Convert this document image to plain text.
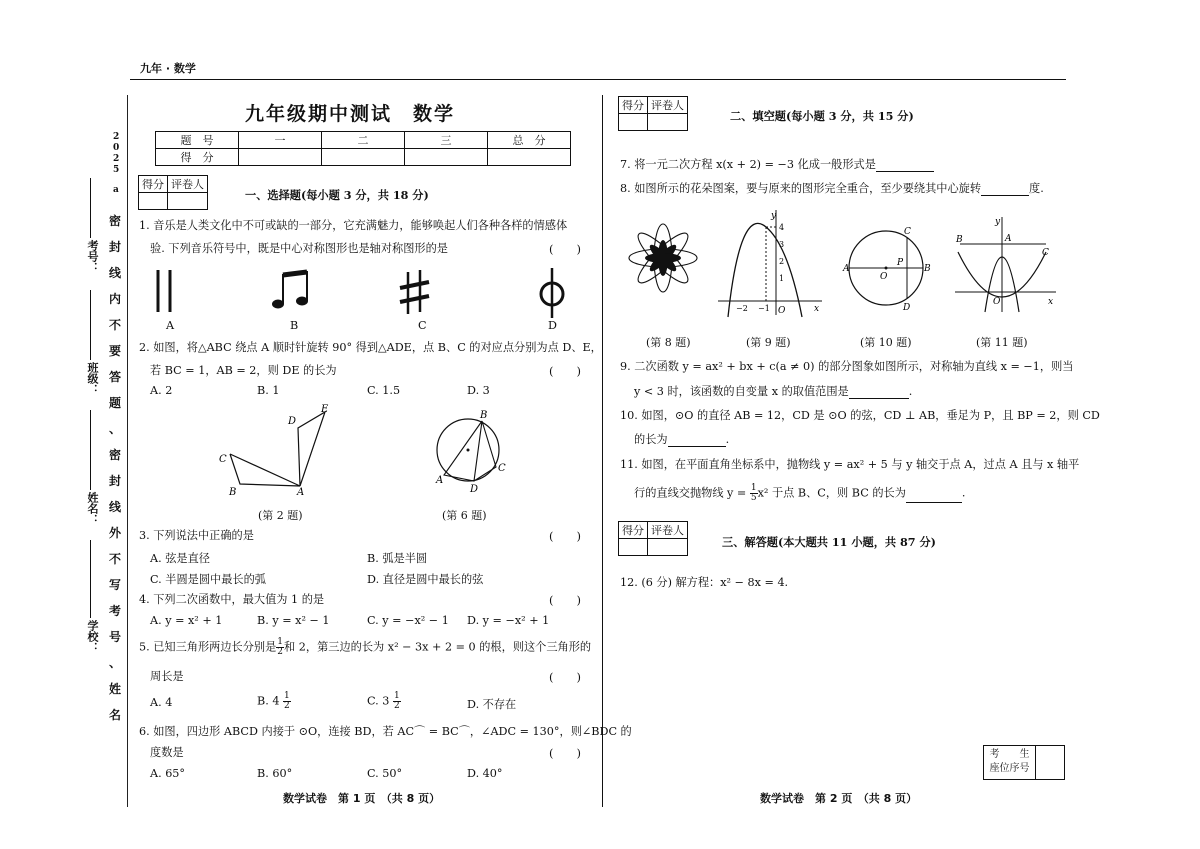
九年 · 数学
2
0
2
5
a
密
封
线
内
不
要
答
题
、
密
封
线
外
不
写
考
号
、
姓
名
考号：
班级：
姓名：
学校：
九年级期中测试　数学
题　号	一	二	三	总　分
得　分				
得分	评卷人

一、选择题(每小题 3 分，共 18 分)
1. 音乐是人类文化中不可或缺的一部分，它充满魅力，能够唤起人们各种各样的情感体
验. 下列音乐符号中，既是中心对称图形也是轴对称图形的是	(　　)
A	B	C	D
2. 如图，将△ABC 绕点 A 顺时针旋转 90° 得到△ADE，点 B、C 的对应点分别为点 D、E，
若 BC = 1，AB = 2，则 DE 的长为	(　　)
A. 2	B. 1	C. 1.5	D. 3
E
D
C
B	A
(第 2 题)
B
A
C
D
(第 6 题)
3. 下列说法中正确的是	(　　)
A. 弦是直径	B. 弧是半圆
C. 半圆是圆中最长的弧	D. 直径是圆中最长的弦
4. 下列二次函数中，最大值为 1 的是	(　　)
A. y = x² + 1	B. y = x² − 1	C. y = −x² − 1 D. y = −x² + 1
5. 已知三角形两边长分别是 $\frac{1}{2}$ 和 2，第三边的长为 x² − 3x + 2 = 0 的根，则这个三角形的
周长是	(　　)
A. 4	B. $4 \frac{1}{2}$	C. $3 \frac{1}{2}$	D. 不存在
6. 如图，四边形 ABCD 内接于 ⊙O，连接 BD，若 AC⌒ = BC⌒，∠ADC = 130°，则∠BDC 的
度数是	(　　)
A. 65°	B. 60°	C. 50°	D. 40°
数学试卷　第 1 页　（共 8 页）
得分	评卷人

二、填空题(每小题 3 分，共 15 分)
7. 将一元二次方程 x(x + 2) = −3 化成一般形式是
8. 如图所示的花朵图案，要与原来的图形完全重合，至少要绕其中心旋转	度.
y
4
3
2
1
O
−2 −1	x
C
A
O
P
B
D
y
B	A
C
O	x
(第 8 题)	(第 9 题)	(第 10 题)	(第 11 题)
9. 二次函数 y = ax² + bx + c(a ≠ 0) 的部分图象如图所示，对称轴为直线 x = −1，则当
y < 3 时，该函数的自变量 x 的取值范围是	.
10. 如图，⊙O 的直径 AB = 12，CD 是 ⊙O 的弦，CD ⊥ AB，垂足为 P，且 BP = 2，则 CD
的长为	.
11. 如图，在平面直角坐标系中，抛物线 y = ax² + 5 与 y 轴交于点 A，过点 A 且与 x 轴平
行的直线交抛物线 $y = \frac{1}{5} x^2$ 于点 B、C，则 BC 的长为	.
得分	评卷人

三、解答题(本大题共 11 小题，共 87 分)
12. (6 分) 解方程：x² − 8x = 4.
考　　生
座位序号
数学试卷　第 2 页　（共 8 页）
